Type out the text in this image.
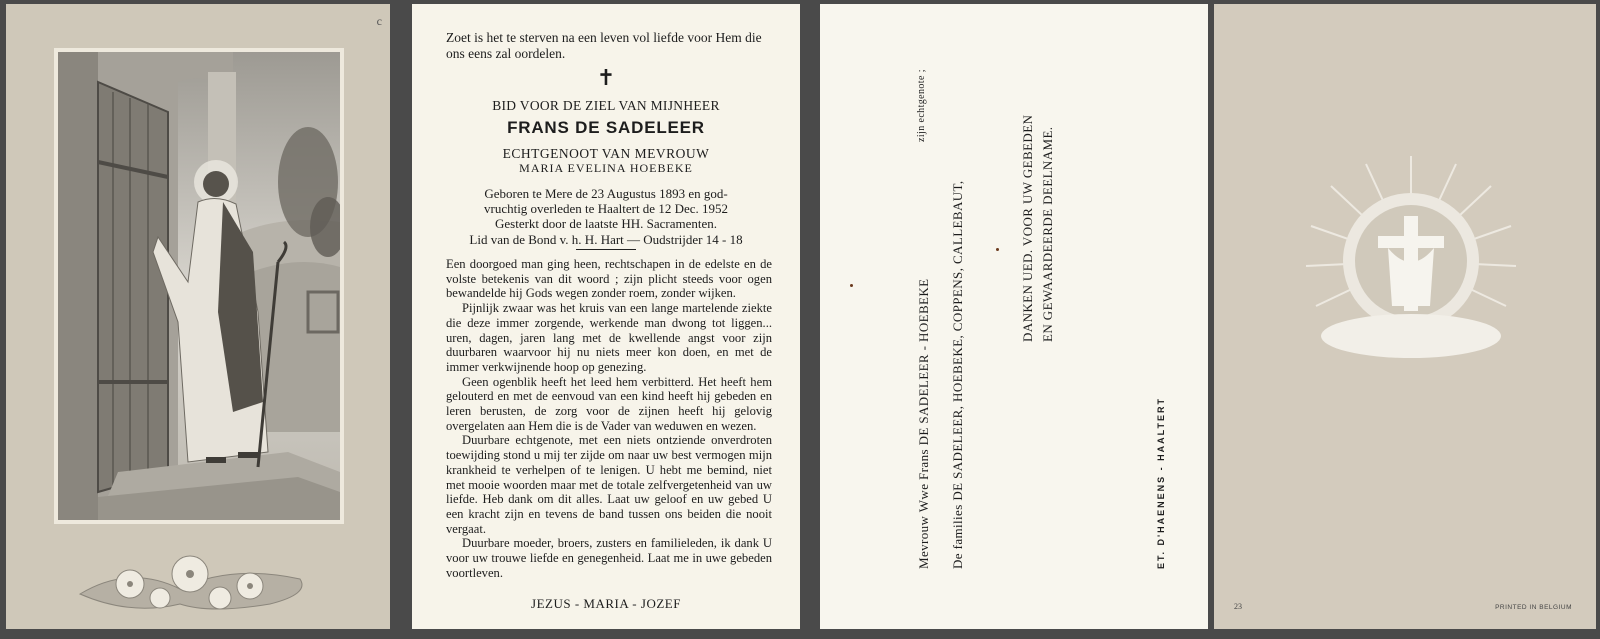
c
Zoet is het te sterven na een leven vol liefde voor Hem die ons eens zal oordelen.
✝
BID VOOR DE ZIEL VAN MIJNHEER
FRANS DE SADELEER
ECHTGENOOT VAN MEVROUW
MARIA EVELINA HOEBEKE
Geboren te Mere de 23 Augustus 1893 en god-
vruchtig overleden te Haaltert de 12 Dec. 1952
Gesterkt door de laatste HH. Sacramenten.
Lid van de Bond v. h. H. Hart — Oudstrijder 14 - 18

Een doorgoed man ging heen, rechtschapen in de edelste en de volste betekenis van dit woord ; zijn plicht steeds voor ogen bewandelde hij Gods wegen zonder roem, zonder wijken.

Pijnlijk zwaar was het kruis van een lange martelende ziekte die deze immer zorgende, werkende man dwong tot liggen... uren, dagen, jaren lang met de kwellende angst voor zijn duurbaren waarvoor hij nu niets meer kon doen, en met de immer verkwijnende hoop op genezing.

Geen ogenblik heeft het leed hem verbitterd. Het heeft hem gelouterd en met de eenvoud van een kind heeft hij gebeden en leren berusten, de zorg voor de zijnen heeft hij gelovig overgelaten aan Hem die is de Vader van weduwen en wezen.

Duurbare echtgenote, met een niets ontziende onverdroten toewijding stond u mij ter zijde om naar uw best vermogen mijn krankheid te verhelpen of te lenigen. U hebt me bemind, niet met mooie woorden maar met de totale zelfvergetenheid van uw liefde. Heb dank om dit alles. Laat uw geloof en uw gebed U een kracht zijn en tevens de band tussen ons beiden die nooit vergaat.

Duurbare moeder, broers, zusters en familieleden, ik dank U voor uw trouwe liefde en genegenheid. Laat me in uwe gebeden voortleven.

JEZUS - MARIA - JOZEF
Mevrouw Wwe Frans DE SADELEER - HOEBEKE
zijn echtgenote ;
De families DE SADELEER, HOEBEKE, COPPENS, CALLEBAUT,	DANKEN UED. VOOR UW GEBEDEN EN GEWAARDEERDE DEELNAME.
ET. D'HAENENS - HAALTERT
23	PRINTED IN BELGIUM
